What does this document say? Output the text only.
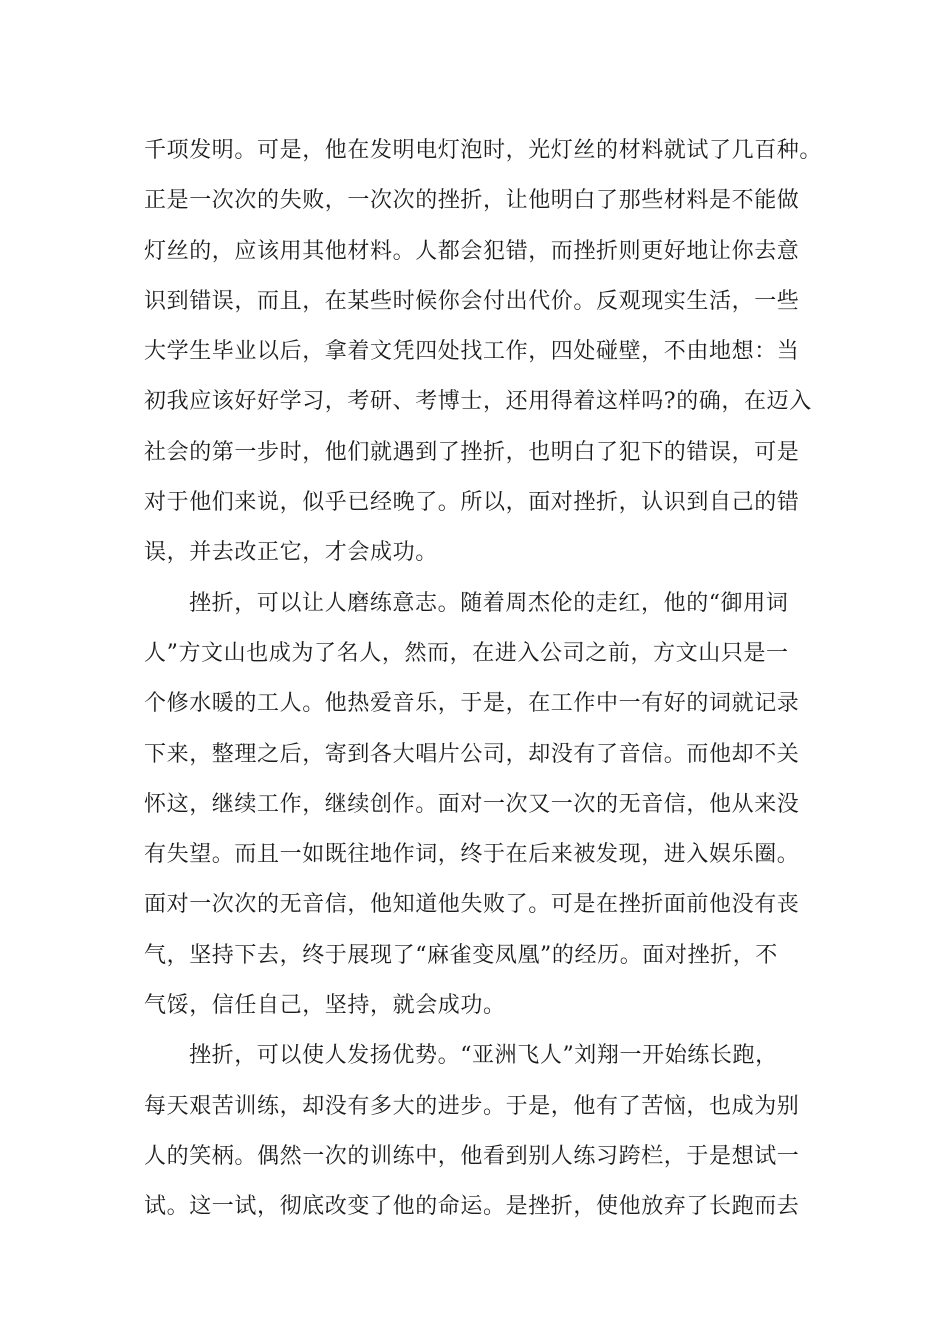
千项发明。可是，他在发明电灯泡时，光灯丝的材料就试了几百种。
正是一次次的失败，一次次的挫折，让他明白了那些材料是不能做
灯丝的，应该用其他材料。人都会犯错，而挫折则更好地让你去意
识到错误，而且，在某些时候你会付出代价。反观现实生活，一些
大学生毕业以后，拿着文凭四处找工作，四处碰壁，不由地想：当
初我应该好好学习，考研、考博士，还用得着这样吗?的确，在迈入
社会的第一步时，他们就遇到了挫折，也明白了犯下的错误，可是
对于他们来说，似乎已经晚了。所以，面对挫折，认识到自己的错
误，并去改正它，才会成功。
挫折，可以让人磨练意志。随着周杰伦的走红，他的“御用词
人”方文山也成为了名人，然而，在进入公司之前，方文山只是一
个修水暖的工人。他热爱音乐，于是，在工作中一有好的词就记录
下来，整理之后，寄到各大唱片公司，却没有了音信。而他却不关
怀这，继续工作，继续创作。面对一次又一次的无音信，他从来没
有失望。而且一如既往地作词，终于在后来被发现，进入娱乐圈。
面对一次次的无音信，他知道他失败了。可是在挫折面前他没有丧
气，坚持下去，终于展现了“麻雀变凤凰”的经历。面对挫折，不
气馁，信任自己，坚持，就会成功。
挫折，可以使人发扬优势。“亚洲飞人”刘翔一开始练长跑，
每天艰苦训练，却没有多大的进步。于是，他有了苦恼，也成为别
人的笑柄。偶然一次的训练中，他看到别人练习跨栏，于是想试一
试。这一试，彻底改变了他的命运。是挫折，使他放弃了长跑而去
